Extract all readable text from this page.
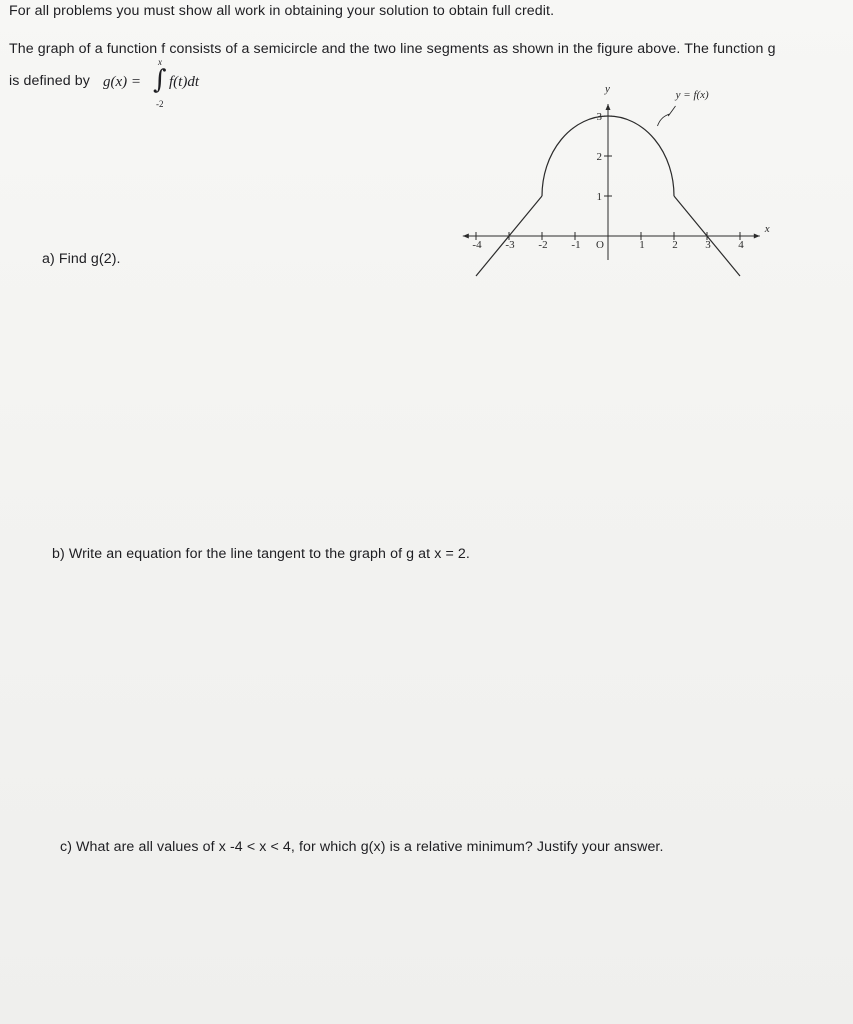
For all problems you must show all work in obtaining your solution to obtain full credit.

The graph of a function f consists of a semicircle and the two line segments as shown in the figure above. The function g

is defined by g(x) =
x
∫ f(t)dt
-2
-4 -3 -2 -1 O	1	2	3	4
1
2
3
y
x
y = f(x)

a) Find g(2).

b) Write an equation for the line tangent to the graph of g at x = 2.

c) What are all values of x -4 < x < 4, for which g(x) is a relative minimum? Justify your answer.
